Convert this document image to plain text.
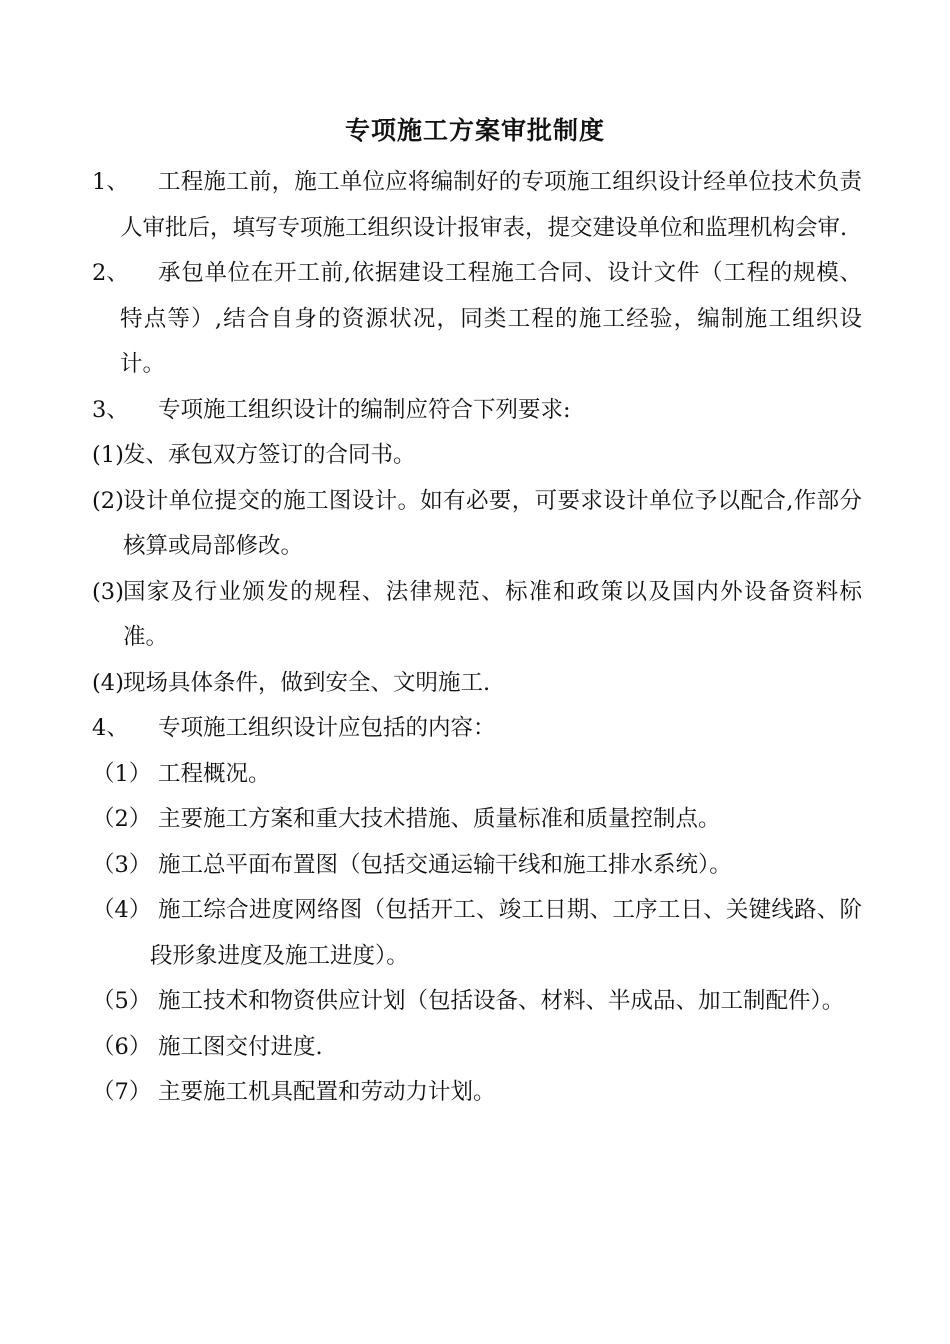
专项施工方案审批制度
1、	工程施工前，施工单位应将编制好的专项施工组织设计经单位技术负责人审批后，填写专项施工组织设计报审表，提交建设单位和监理机构会审.
2、	承包单位在开工前,依据建设工程施工合同、设计文件（工程的规模、特点等）,结合自身的资源状况，同类工程的施工经验，编制施工组织设计。
3、	专项施工组织设计的编制应符合下列要求:
(1) 发、承包双方签订的合同书。
(2) 设计单位提交的施工图设计。如有必要，可要求设计单位予以配合,作部分核算或局部修改。
(3) 国家及行业颁发的规程、法律规范、标准和政策以及国内外设备资料标准。
(4) 现场具体条件，做到安全、文明施工.
4、	专项施工组织设计应包括的内容：
（1） 工程概况。
（2） 主要施工方案和重大技术措施、质量标准和质量控制点。
（3） 施工总平面布置图（包括交通运输干线和施工排水系统）。
（4） 施工综合进度网络图（包括开工、竣工日期、工序工日、关键线路、阶段形象进度及施工进度）。
（5） 施工技术和物资供应计划（包括设备、材料、半成品、加工制配件）。
（6） 施工图交付进度.
（7） 主要施工机具配置和劳动力计划。
